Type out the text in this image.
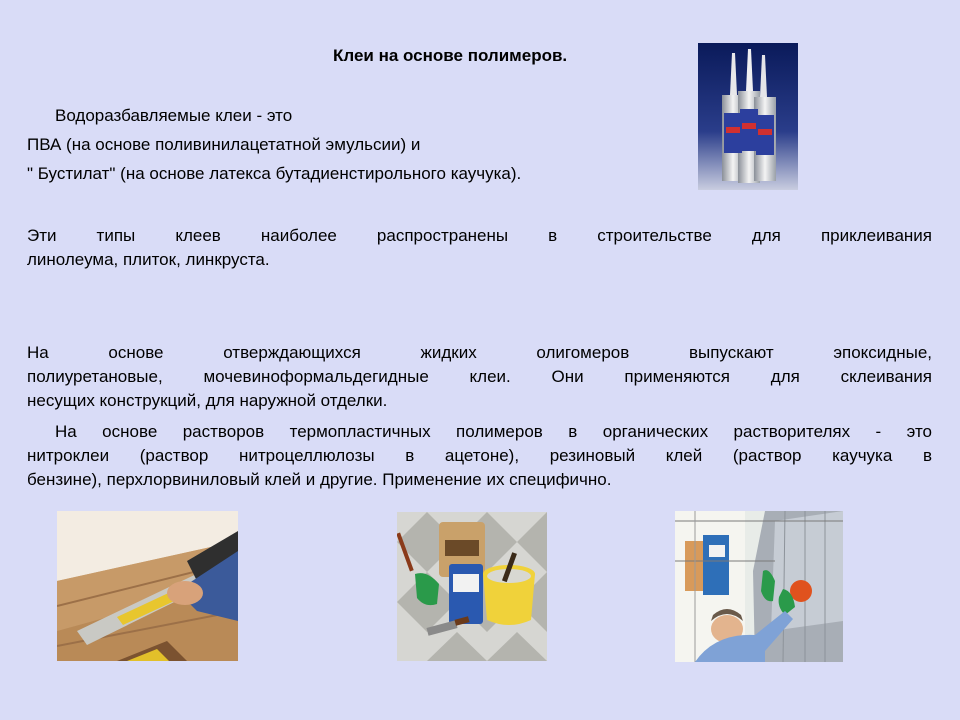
Клеи на основе полимеров.
Водоразбавляемые клеи - это
ПВА (на основе поливинилацетатной эмульсии) и
" Бустилат" (на основе латекса бутадиенстирольного каучука).
Эти типы клеев наиболее распространены в строительстве для приклеивания
линолеума, плиток, линкруста.
На основе отверждающихся жидких олигомеров выпускают эпоксидные,
полиуретановые, мочевиноформальдегидные клеи. Они применяются для склеивания
несущих конструкций, для наружной отделки.
На основе растворов термопластичных полимеров в органических растворителях - это
нитроклеи (раствор нитроцеллюлозы в ацетоне), резиновый клей (раствор каучука в
бензине), перхлорвиниловый клей и другие. Применение их специфично.
